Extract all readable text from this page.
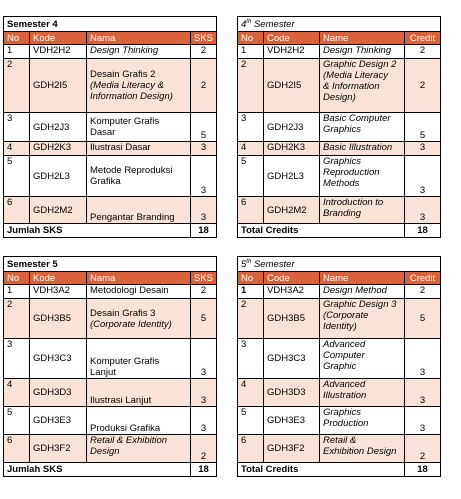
Semester 4			
No	Kode	Nama	SKS
1	VDH2H2	Design Thinking	2
2	GDH2I5	Desain Grafis 2
(Media Literacy &
Information Design)	2
3	GDH2J3	Komputer Grafis
Dasar	5
4	GDH2K3	Ilustrasi Dasar	3
5	GDH2L3	Metode Reproduksi
Grafika	3
6	GDH2M2	Pengantar Branding	3
Jumlah SKS			18
4th Semester			
No	Code	Name	Credit
1	VDH2H2	Design Thinking	2
2	GDH2I5	Graphic Design 2
(Media Literacy
& Information
Design)	2
3	GDH2J3	Basic Computer
Graphics	5
4	GDH2K3	Basic Illustration	3
5	GDH2L3	Graphics
Reproduction
Methods	3
6	GDH2M2	Introduction to
Branding	3
Total Credits			18
Semester 5			
No	Kode	Nama	SKS
1	VDH3A2	Metodologi Desain	2
2	GDH3B5	Desain Grafis 3
(Corporate Identity)	5
3	GDH3C3	Komputer Grafis
Lanjut	3
4	GDH3D3	Ilustrasi Lanjut	3
5	GDH3E3	Produksi Grafika	3
6	GDH3F2	Retail & Exhibition
Design	2
Jumlah SKS			18
5th Semester			
No	Code	Name	Credit
1	VDH3A2	Design Method	2
2	GDH3B5	Graphic Design 3
(Corporate
Identity)	5
3	GDH3C3	Advanced
Computer
Graphic	3
4	GDH3D3	Advanced
Illustration	3
5	GDH3E3	Graphics
Production	3
6	GDH3F2	Retail &
Exhibition Design	2
Total Credits			18
